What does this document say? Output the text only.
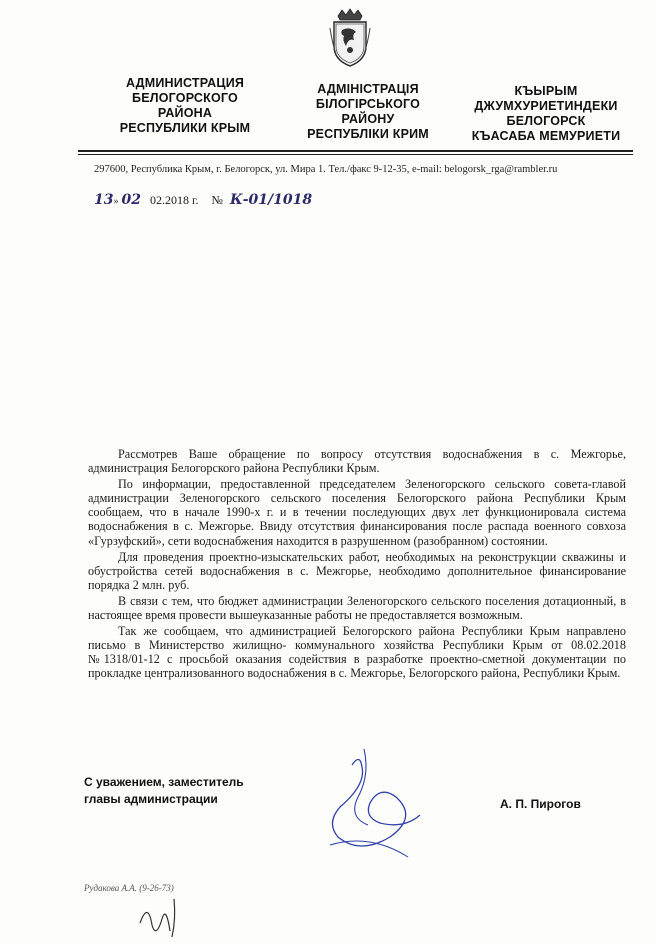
АДМИНИСТРАЦИЯ
БЕЛОГОРСКОГО
РАЙОНА
РЕСПУБЛИКИ КРЫМ
АДМІНІСТРАЦІЯ
БІЛОГІРСЬКОГО
РАЙОНУ
РЕСПУБЛІКИ КРИМ
КЪЫРЫМ
ДЖУМХУРИЕТИНДЕКИ
БЕЛОГОРСК
КЪАСАБА МЕМУРИЕТИ
297600, Республика Крым, г. Белогорск, ул. Мира 1. Тел./факс 9-12-35, e-mail: belogorsk_rga@rambler.ru
13» 02 02.2018 г. № К-01/1018

Рассмотрев Ваше обращение по вопросу отсутствия водоснабжения в с. Межгорье, администрация Белогорского района Республики Крым.

По информации, предоставленной председателем Зеленогорского сельского совета-главой администрации Зеленогорского сельского поселения Белогорского района Республики Крым сообщаем, что в начале 1990-х г. и в течении последующих двух лет функционировала система водоснабжения в с. Межгорье. Ввиду отсутствия финансирования после распада военного совхоза «Гурзуфский», сети водоснабжения находится в разрушенном (разобранном) состоянии.

Для проведения проектно-изыскательских работ, необходимых на реконструкции скважины и обустройства сетей водоснабжения в с. Межгорье, необходимо дополнительное финансирование порядка 2 млн. руб.

В связи с тем, что бюджет администрации Зеленогорского сельского поселения дотационный, в настоящее время провести вышеуказанные работы не предоставляется возможным.

Так же сообщаем, что администрацией Белогорского района Республики Крым направлено письмо в Министерство жилищно- коммунального хозяйства Республики Крым от 08.02.2018 №1318/01-12 с просьбой оказания содействия в разработке проектно-сметной документации по прокладке централизованного водоснабжения в с. Межгорье, Белогорского района, Республики Крым.

С уважением, заместитель
главы администрации	А. П. Пирогов
Рудакова А.А. (9-26-73)
